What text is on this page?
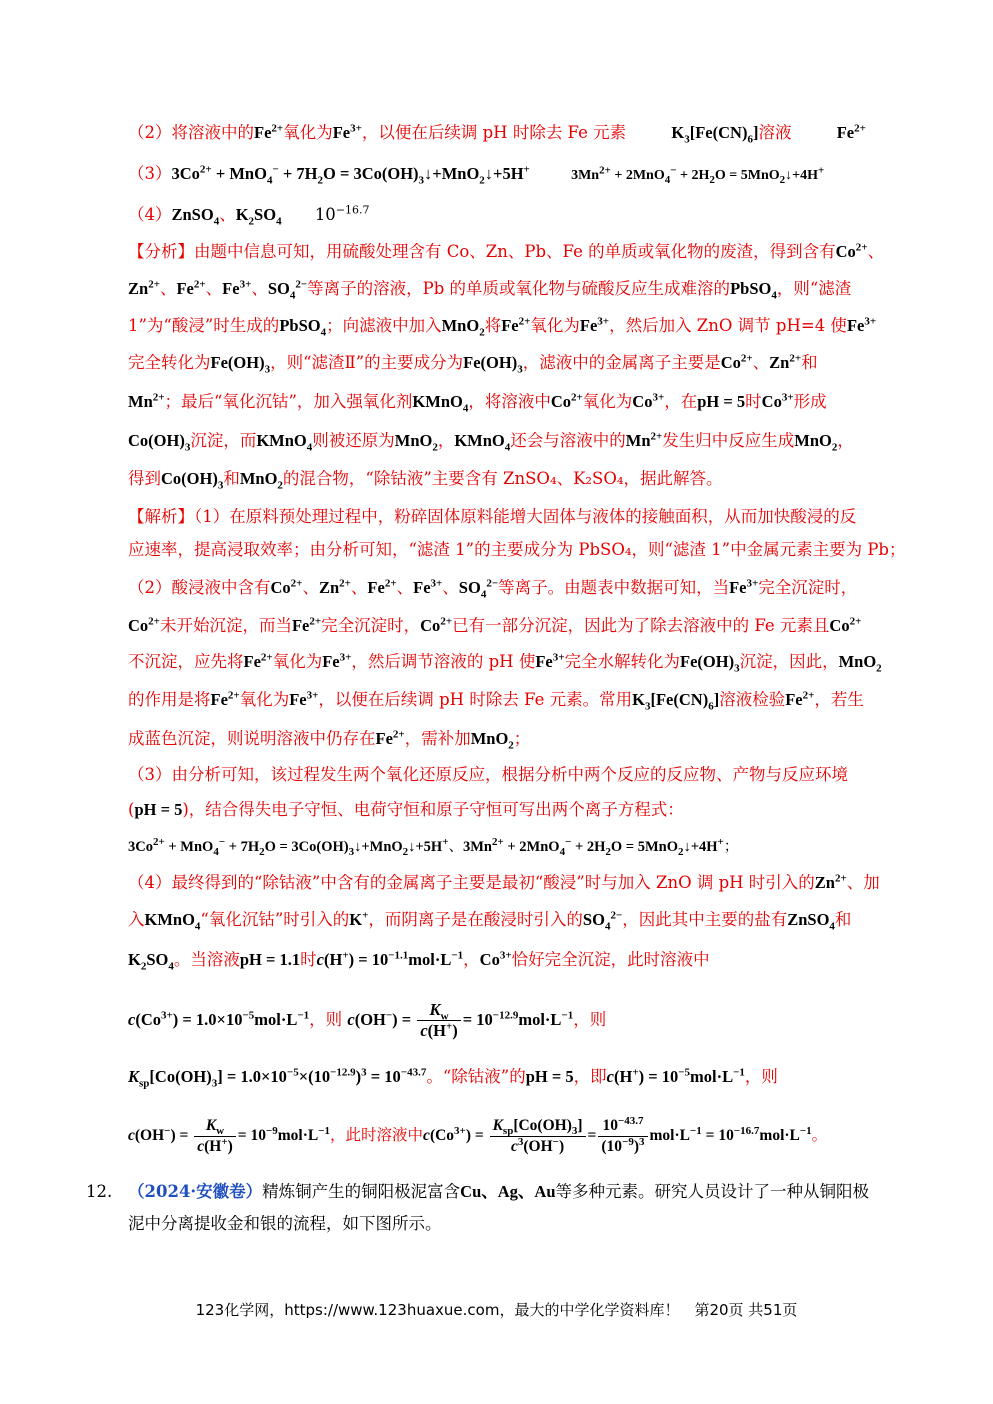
（2）将溶液中的$Fe^{2+}$氧化为$Fe^{3+}$，以便在后续调 pH 时除去 Fe 元素	$K_3[Fe(CN)_6]$溶液	$Fe^{2+}$
$(3)3Co^{2+} + MnO_4^- + 7H_2O$ = $3Co(OH)_3↓+MnO_2↓+5H^+$	$3Mn^{2+} + 2MnO_4^- + 2H_2O$ = 5MnO$_2$↓+4H+
（4）ZnSO$_4$、$K_2SO_4$ $10^{-16.7}$
【分析】由题中信息可知，用硫酸处理含有 Co、Zn、Pb、Fe 的单质或氧化物的废渣，得到含有$Co^{2+}$、
$Zn^{2+}$、$Fe^{2+}$、$Fe^{3+}$、$SO_4^{2-}$等离子的溶液，Pb 的单质或氧化物与硫酸反应生成难溶的PbSO$_4$，则“滤渣
1”为“酸浸”时生成的PbSO$_4$；向滤液中加入MnO$_2$将$Fe^{2+}$氧化为$Fe^{3+}$，然后加入 ZnO 调节 pH=4 使$Fe^{3+}$
完全转化为$Fe(OH)_3$，则“滤渣Ⅱ”的主要成分为$Fe(OH)_3$，滤液中的金属离子主要是$Co^{2+}$、$Zn^{2+}$和
$Mn^{2+}$；最后“氧化沉钴”，加入强氧化剂KMnO$_4$，将溶液中$Co^{2+}$氧化为$Co^{3+}$，在pH = 5时$Co^{3+}$形成
$Co(OH)_3$沉淀，而KMnO$_4$则被还原为MnO$_2$，KMnO$_4$还会与溶液中的$Mn^{2+}$发生归中反应生成MnO$_2$，
得到$Co(OH)_3$和MnO$_2$的混合物，“除钴液”主要含有 ZnSO₄、K₂SO₄，据此解答。
【解析】（1）在原料预处理过程中，粉碎固体原料能增大固体与液体的接触面积，从而加快酸浸的反
应速率，提高浸取效率；由分析可知，“滤渣 1”的主要成分为 PbSO₄，则“滤渣 1”中金属元素主要为 Pb；
（2）酸浸液中含有$Co^{2+}$、$Zn^{2+}$、$Fe^{2+}$、$Fe^{3+}$、$SO_4^{2-}$等离子。由题表中数据可知，当$Fe^{3+}$完全沉淀时，
$Co^{2+}$未开始沉淀，而当$Fe^{2+}$完全沉淀时，$Co^{2+}$已有一部分沉淀，因此为了除去溶液中的 Fe 元素且$Co^{2+}$
不沉淀，应先将$Fe^{2+}$氧化为$Fe^{3+}$，然后调节溶液的 pH 使$Fe^{3+}$完全水解转化为$Fe(OH)_3$沉淀，因此，MnO$_2$
的作用是将$Fe^{2+}$氧化为$Fe^{3+}$，以便在后续调 pH 时除去 Fe 元素。常用$K_3[Fe(CN)_6]$溶液检验$Fe^{2+}$，若生
成蓝色沉淀，则说明溶液中仍存在$Fe^{2+}$，需补加MnO$_2$；
（3）由分析可知，该过程发生两个氧化还原反应，根据分析中两个反应的反应物、产物与反应环境
(pH = 5)，结合得失电子守恒、电荷守恒和原子守恒可写出两个离子方程式：
$3Co^{2+} + MnO_4^- + 7H_2O$ = $3Co(OH)_3↓+MnO_2↓+5H^+$、$3Mn^{2+} + 2MnO_4^- + 2H_2O$ = 5MnO$_2$↓+4H+；
（4）最终得到的“除钴液”中含有的金属离子主要是最初“酸浸”时与加入 ZnO 调 pH 时引入的$Zn^{2+}$、加
入KMnO$_4$“氧化沉钴”时引入的K+，而阴离子是在酸浸时引入的$SO_4^{2-}$，因此其中主要的盐有ZnSO$_4$和
$K_2SO_4$。当溶液pH = 1.1时$c(H^+) = 10^{-1.1}mol\cdot L^{-1}$，$Co^{3+}$恰好完全沉淀，此时溶液中
$c(Co^{3+}) = 1.0\times 10^{-5}mol\cdot L^{-1}$，则 $c(OH^-) = \frac{K_w}{c(H^+)} = 10^{-12.9}mol\cdot L^{-1}$，则
$K_{sp}[Co(OH)_3] = 1.0\times 10^{-5}\times(10^{-12.9})^3 = 10^{-43.7}$。“除钴液”的pH = 5，即$c(H^+) = 10^{-5}mol\cdot L^{-1}$，则
$c(OH^-) = \frac{K_w}{c(H^+)} = 10^{-9}mol\cdot L^{-1}$，此时溶液中$c(Co^{3+}) = \frac{K_{sp}[Co(OH)_3]}{c^3(OH^-)} = \frac{10^{-43.7}}{(10^{-9})^3} mol\cdot L^{-1} = 10^{-16.7}mol\cdot L^{-1}$。
12. （2024·安徽卷）精炼铜产生的铜阳极泥富含Cu、Ag、Au等多种元素。研究人员设计了一种从铜阳极
泥中分离提收金和银的流程，如下图所示。
123化学网，https://www.123huaxue.com，最大的中学化学资料库！　第20页 共51页
